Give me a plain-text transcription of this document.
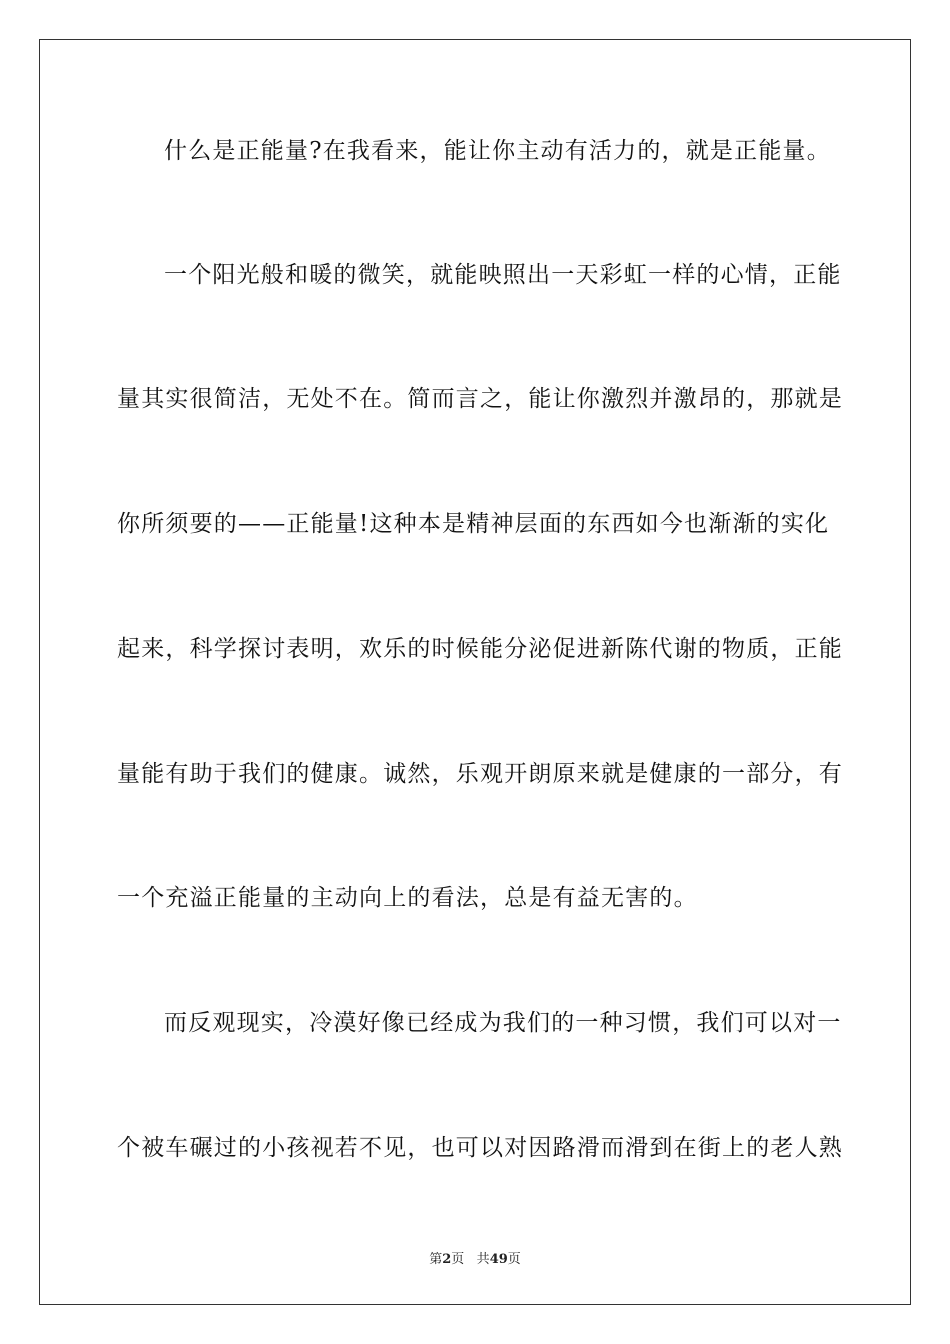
什么是正能量?在我看来，能让你主动有活力的，就是正能量。
一个阳光般和暖的微笑，就能映照出一天彩虹一样的心情，正能
量其实很简洁，无处不在。简而言之，能让你激烈并激昂的，那就是
你所须要的——正能量!这种本是精神层面的东西如今也渐渐的实化
起来，科学探讨表明，欢乐的时候能分泌促进新陈代谢的物质，正能
量能有助于我们的健康。诚然，乐观开朗原来就是健康的一部分，有
一个充溢正能量的主动向上的看法，总是有益无害的。
而反观现实，冷漠好像已经成为我们的一种习惯，我们可以对一
个被车碾过的小孩视若不见，也可以对因路滑而滑到在街上的老人熟
第2页 共49页
